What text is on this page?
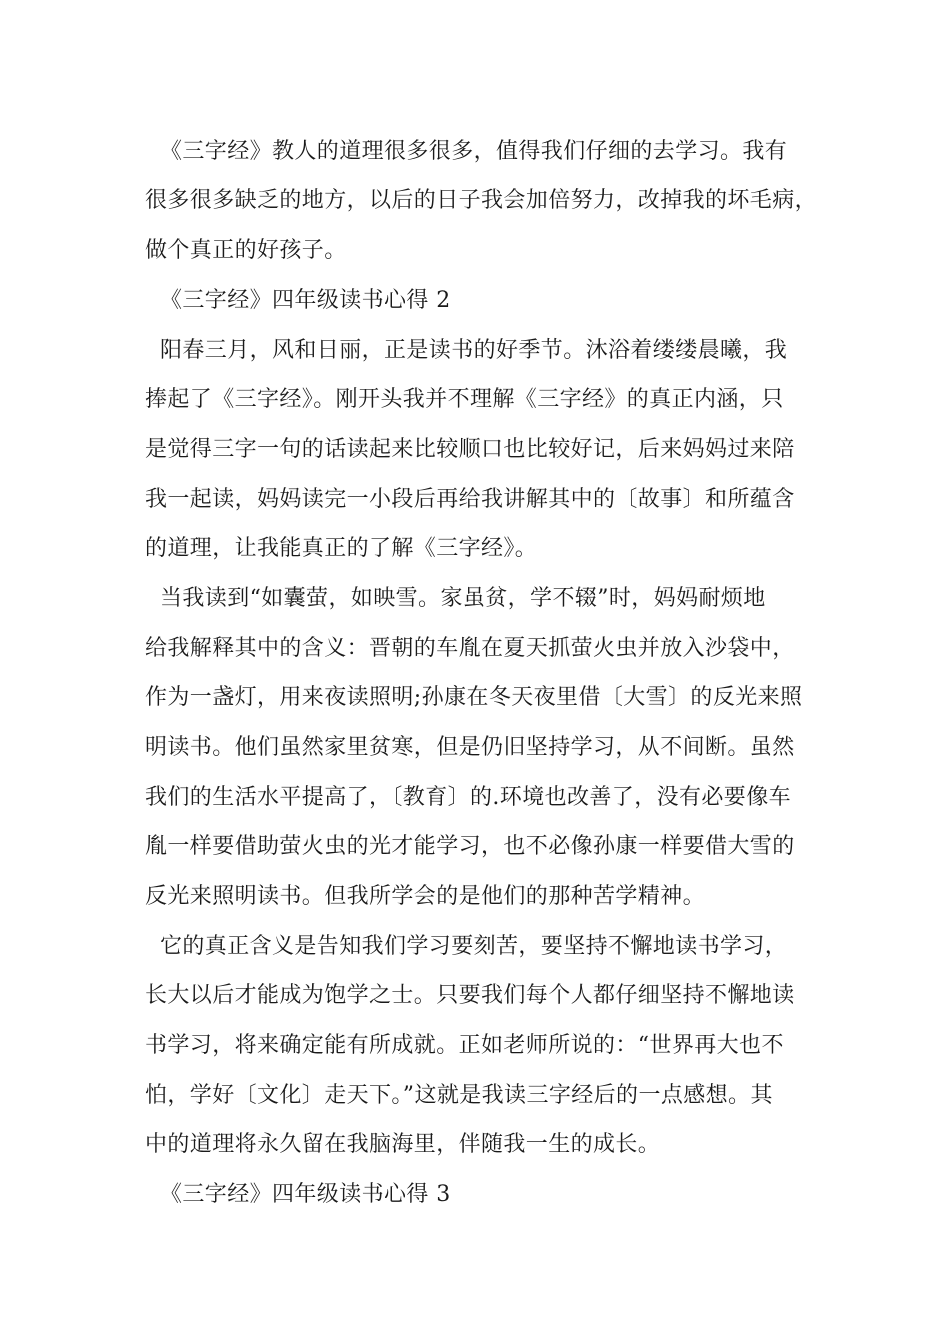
《三字经》教人的道理很多很多，值得我们仔细的去学习。我有
很多很多缺乏的地方，以后的日子我会加倍努力，改掉我的坏毛病，
做个真正的好孩子。
《三字经》四年级读书心得 2
阳春三月，风和日丽，正是读书的好季节。沐浴着缕缕晨曦，我
捧起了《三字经》。刚开头我并不理解《三字经》的真正内涵，只
是觉得三字一句的话读起来比较顺口也比较好记，后来妈妈过来陪
我一起读，妈妈读完一小段后再给我讲解其中的〔故事〕和所蕴含
的道理，让我能真正的了解《三字经》。
当我读到“如囊萤，如映雪。家虽贫，学不辍”时，妈妈耐烦地
给我解释其中的含义：晋朝的车胤在夏天抓萤火虫并放入沙袋中，
作为一盏灯，用来夜读照明;孙康在冬天夜里借〔大雪〕的反光来照
明读书。他们虽然家里贫寒，但是仍旧坚持学习，从不间断。虽然
我们的生活水平提高了，〔教育〕的.环境也改善了，没有必要像车
胤一样要借助萤火虫的光才能学习，也不必像孙康一样要借大雪的
反光来照明读书。但我所学会的是他们的那种苦学精神。
它的真正含义是告知我们学习要刻苦，要坚持不懈地读书学习，
长大以后才能成为饱学之士。只要我们每个人都仔细坚持不懈地读
书学习，将来确定能有所成就。正如老师所说的：“世界再大也不
怕，学好〔文化〕走天下。”这就是我读三字经后的一点感想。其
中的道理将永久留在我脑海里，伴随我一生的成长。
《三字经》四年级读书心得 3
